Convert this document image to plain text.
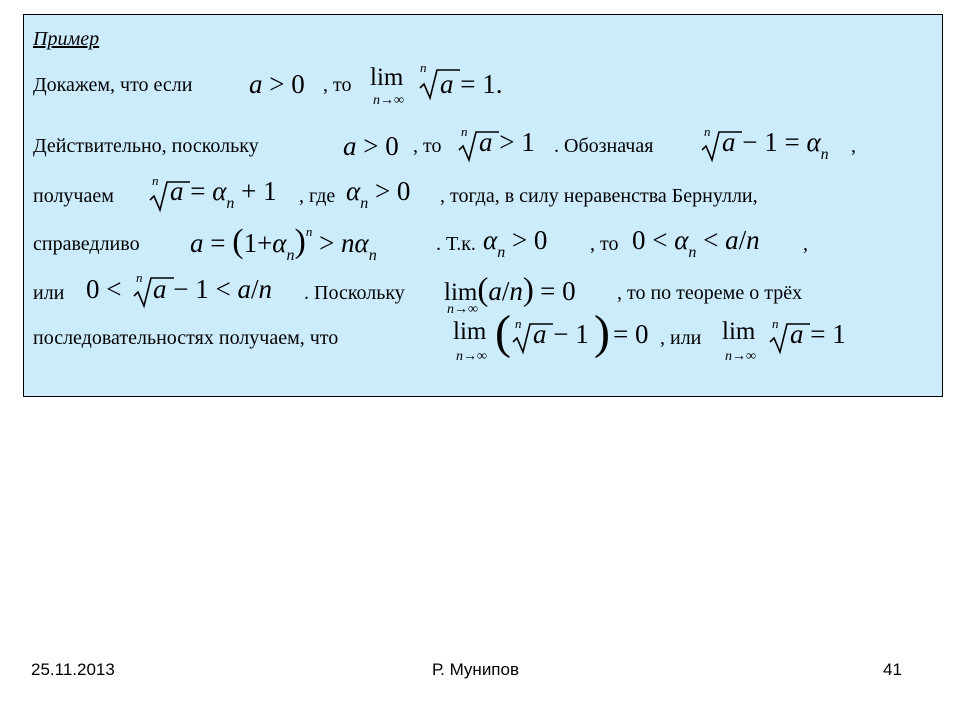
Пример
Докажем, что если a > 0 , то lim
n→∞
n
a = 1.
Действительно, поскольку	a > 0 , то
n a > 1 . Обозначая
n $a - 1 = \alpha_n$ ,
получаем
n $a = \alpha_n + 1$ , где $\alpha_n > 0$ , тогда, в силу неравенства Бернулли,
справедливо $a = (1+\alpha_n)^n > n\alpha_n$
. Т.к. $\alpha_n > 0$ , то $0 < \alpha_n < a/n$ ,
или 0 < n a − 1 < a/n . Поскольку lim(a/n) = 0
n→∞
, то по теореме о трёх
последовательностях получаем, что	lim
n→∞ ( n a − 1 ) = 0 , или lim
n→∞
n a = 1
25.11.2013	Р. Мунипов	41
